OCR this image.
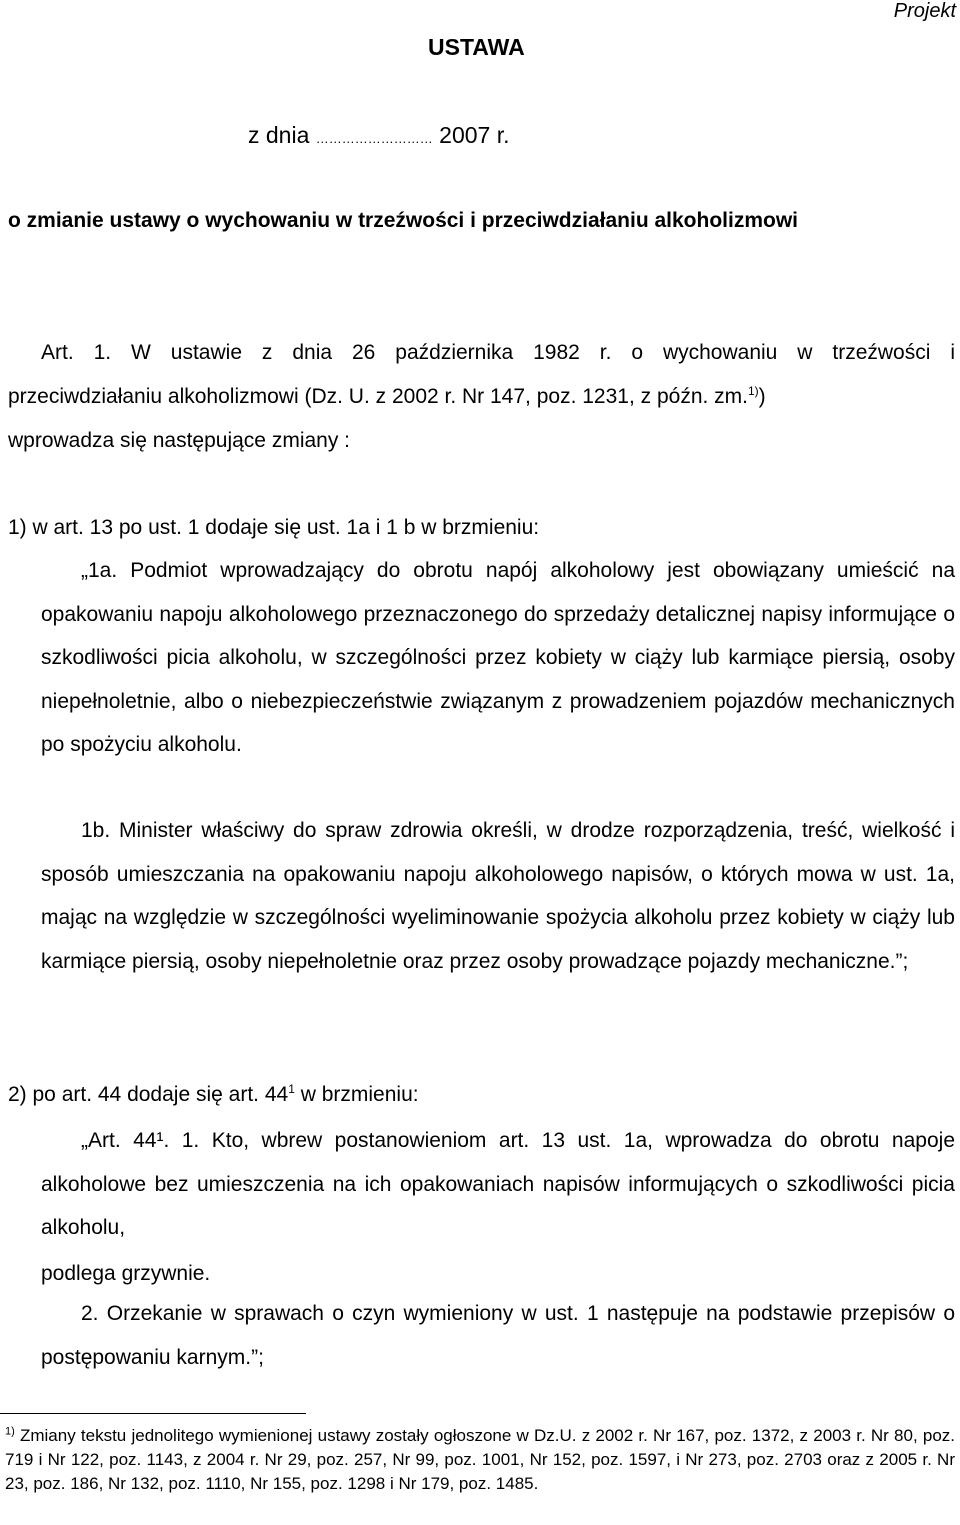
Projekt
USTAWA
z dnia ……………………… 2007 r.
o zmianie ustawy o wychowaniu w trzeźwości i przeciwdziałaniu alkoholizmowi
Art. 1. W ustawie z dnia 26 października 1982 r. o wychowaniu w trzeźwości i
przeciwdziałaniu alkoholizmowi (Dz. U. z 2002 r. Nr 147, poz. 1231, z późn. zm.$^{1)}$)
wprowadza się następujące zmiany :
1) w art. 13 po ust. 1 dodaje się ust. 1a i 1 b w brzmieniu:
„1a. Podmiot wprowadzający do obrotu napój alkoholowy jest obowiązany umieścić na opakowaniu napoju alkoholowego przeznaczonego do sprzedaży detalicznej napisy informujące o szkodliwości picia alkoholu, w szczególności przez kobiety w ciąży lub karmiące piersią, osoby niepełnoletnie, albo o niebezpieczeństwie związanym z prowadzeniem pojazdów mechanicznych po spożyciu alkoholu.
1b. Minister właściwy do spraw zdrowia określi, w drodze rozporządzenia, treść, wielkość i sposób umieszczania na opakowaniu napoju alkoholowego napisów, o których mowa w ust. 1a, mając na względzie w szczególności wyeliminowanie spożycia alkoholu przez kobiety w ciąży lub karmiące piersią, osoby niepełnoletnie oraz przez osoby prowadzące pojazdy mechaniczne.”;
2) po art. 44 dodaje się art. $44^1$ w brzmieniu:
„Art. 44¹. 1. Kto, wbrew postanowieniom art. 13 ust. 1a, wprowadza do obrotu napoje alkoholowe bez umieszczenia na ich opakowaniach napisów informujących o szkodliwości picia alkoholu,
podlega grzywnie.
2. Orzekanie w sprawach o czyn wymieniony w ust. 1 następuje na podstawie przepisów o postępowaniu karnym.”;
$^{1)}$ Zmiany tekstu jednolitego wymienionej ustawy zostały ogłoszone w Dz.U. z 2002 r. Nr 167, poz. 1372, z 2003 r. Nr 80, poz. 719 i Nr 122, poz. 1143, z 2004 r. Nr 29, poz. 257, Nr 99, poz. 1001, Nr 152, poz. 1597, i Nr 273, poz. 2703 oraz z 2005 r. Nr 23, poz. 186, Nr 132, poz. 1110, Nr 155, poz. 1298 i Nr 179, poz. 1485.
